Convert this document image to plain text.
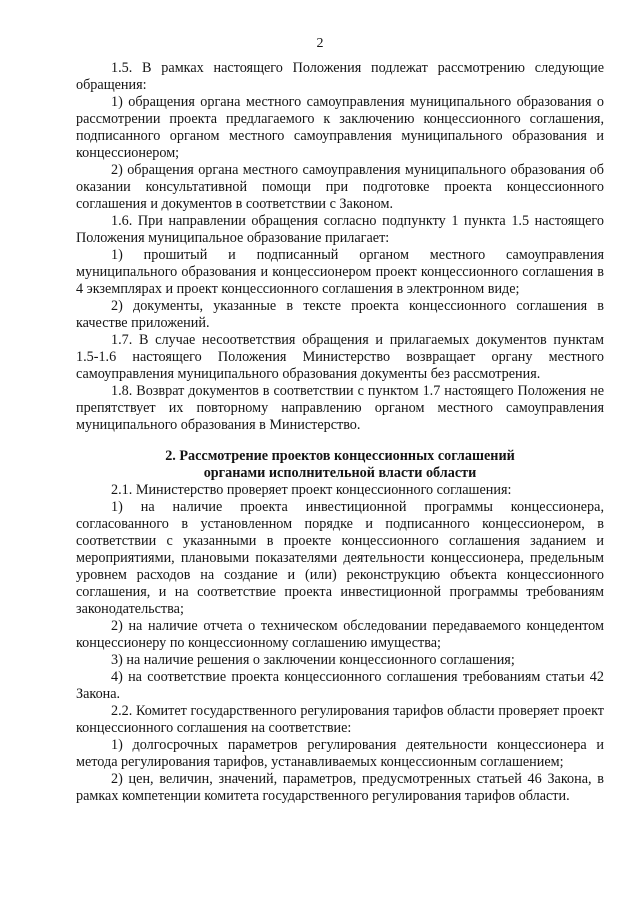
2

1.5. В рамках настоящего Положения подлежат рассмотрению следующие обращения:

1) обращения органа местного самоуправления муниципального образования о рассмотрении проекта предлагаемого к заключению концессионного соглашения, подписанного органом местного самоуправления муниципального образования и концессионером;

2) обращения органа местного самоуправления муниципального образования об оказании консультативной помощи при подготовке проекта концессионного соглашения и документов в соответствии с Законом.

1.6. При направлении обращения согласно подпункту 1 пункта 1.5 настоящего Положения муниципальное образование прилагает:

1) прошитый и подписанный органом местного самоуправления муниципального образования и концессионером проект концессионного соглашения в 4 экземплярах и проект концессионного соглашения в электронном виде;

2) документы, указанные в тексте проекта концессионного соглашения в качестве приложений.

1.7. В случае несоответствия обращения и прилагаемых документов пунктам 1.5-1.6 настоящего Положения Министерство возвращает органу местного самоуправления муниципального образования документы без рассмотрения.

1.8. Возврат документов в соответствии с пунктом 1.7 настоящего Положения не препятствует их повторному направлению органом местного самоуправления муниципального образования в Министерство.

2. Рассмотрение проектов концессионных соглашений
органами исполнительной власти области

2.1. Министерство проверяет проект концессионного соглашения:

1) на наличие проекта инвестиционной программы концессионера, согласованного в установленном порядке и подписанного концессионером, в соответствии с указанными в проекте концессионного соглашения заданием и мероприятиями, плановыми показателями деятельности концессионера, предельным уровнем расходов на создание и (или) реконструкцию объекта концессионного соглашения, и на соответствие проекта инвестиционной программы требованиям законодательства;

2) на наличие отчета о техническом обследовании передаваемого концедентом концессионеру по концессионному соглашению имущества;

3) на наличие решения о заключении концессионного соглашения;

4) на соответствие проекта концессионного соглашения требованиям статьи 42 Закона.

2.2. Комитет государственного регулирования тарифов области проверяет проект концессионного соглашения на соответствие:

1) долгосрочных параметров регулирования деятельности концессионера и метода регулирования тарифов, устанавливаемых концессионным соглашением;

2) цен, величин, значений, параметров, предусмотренных статьей 46 Закона, в рамках компетенции комитета государственного регулирования тарифов области.
